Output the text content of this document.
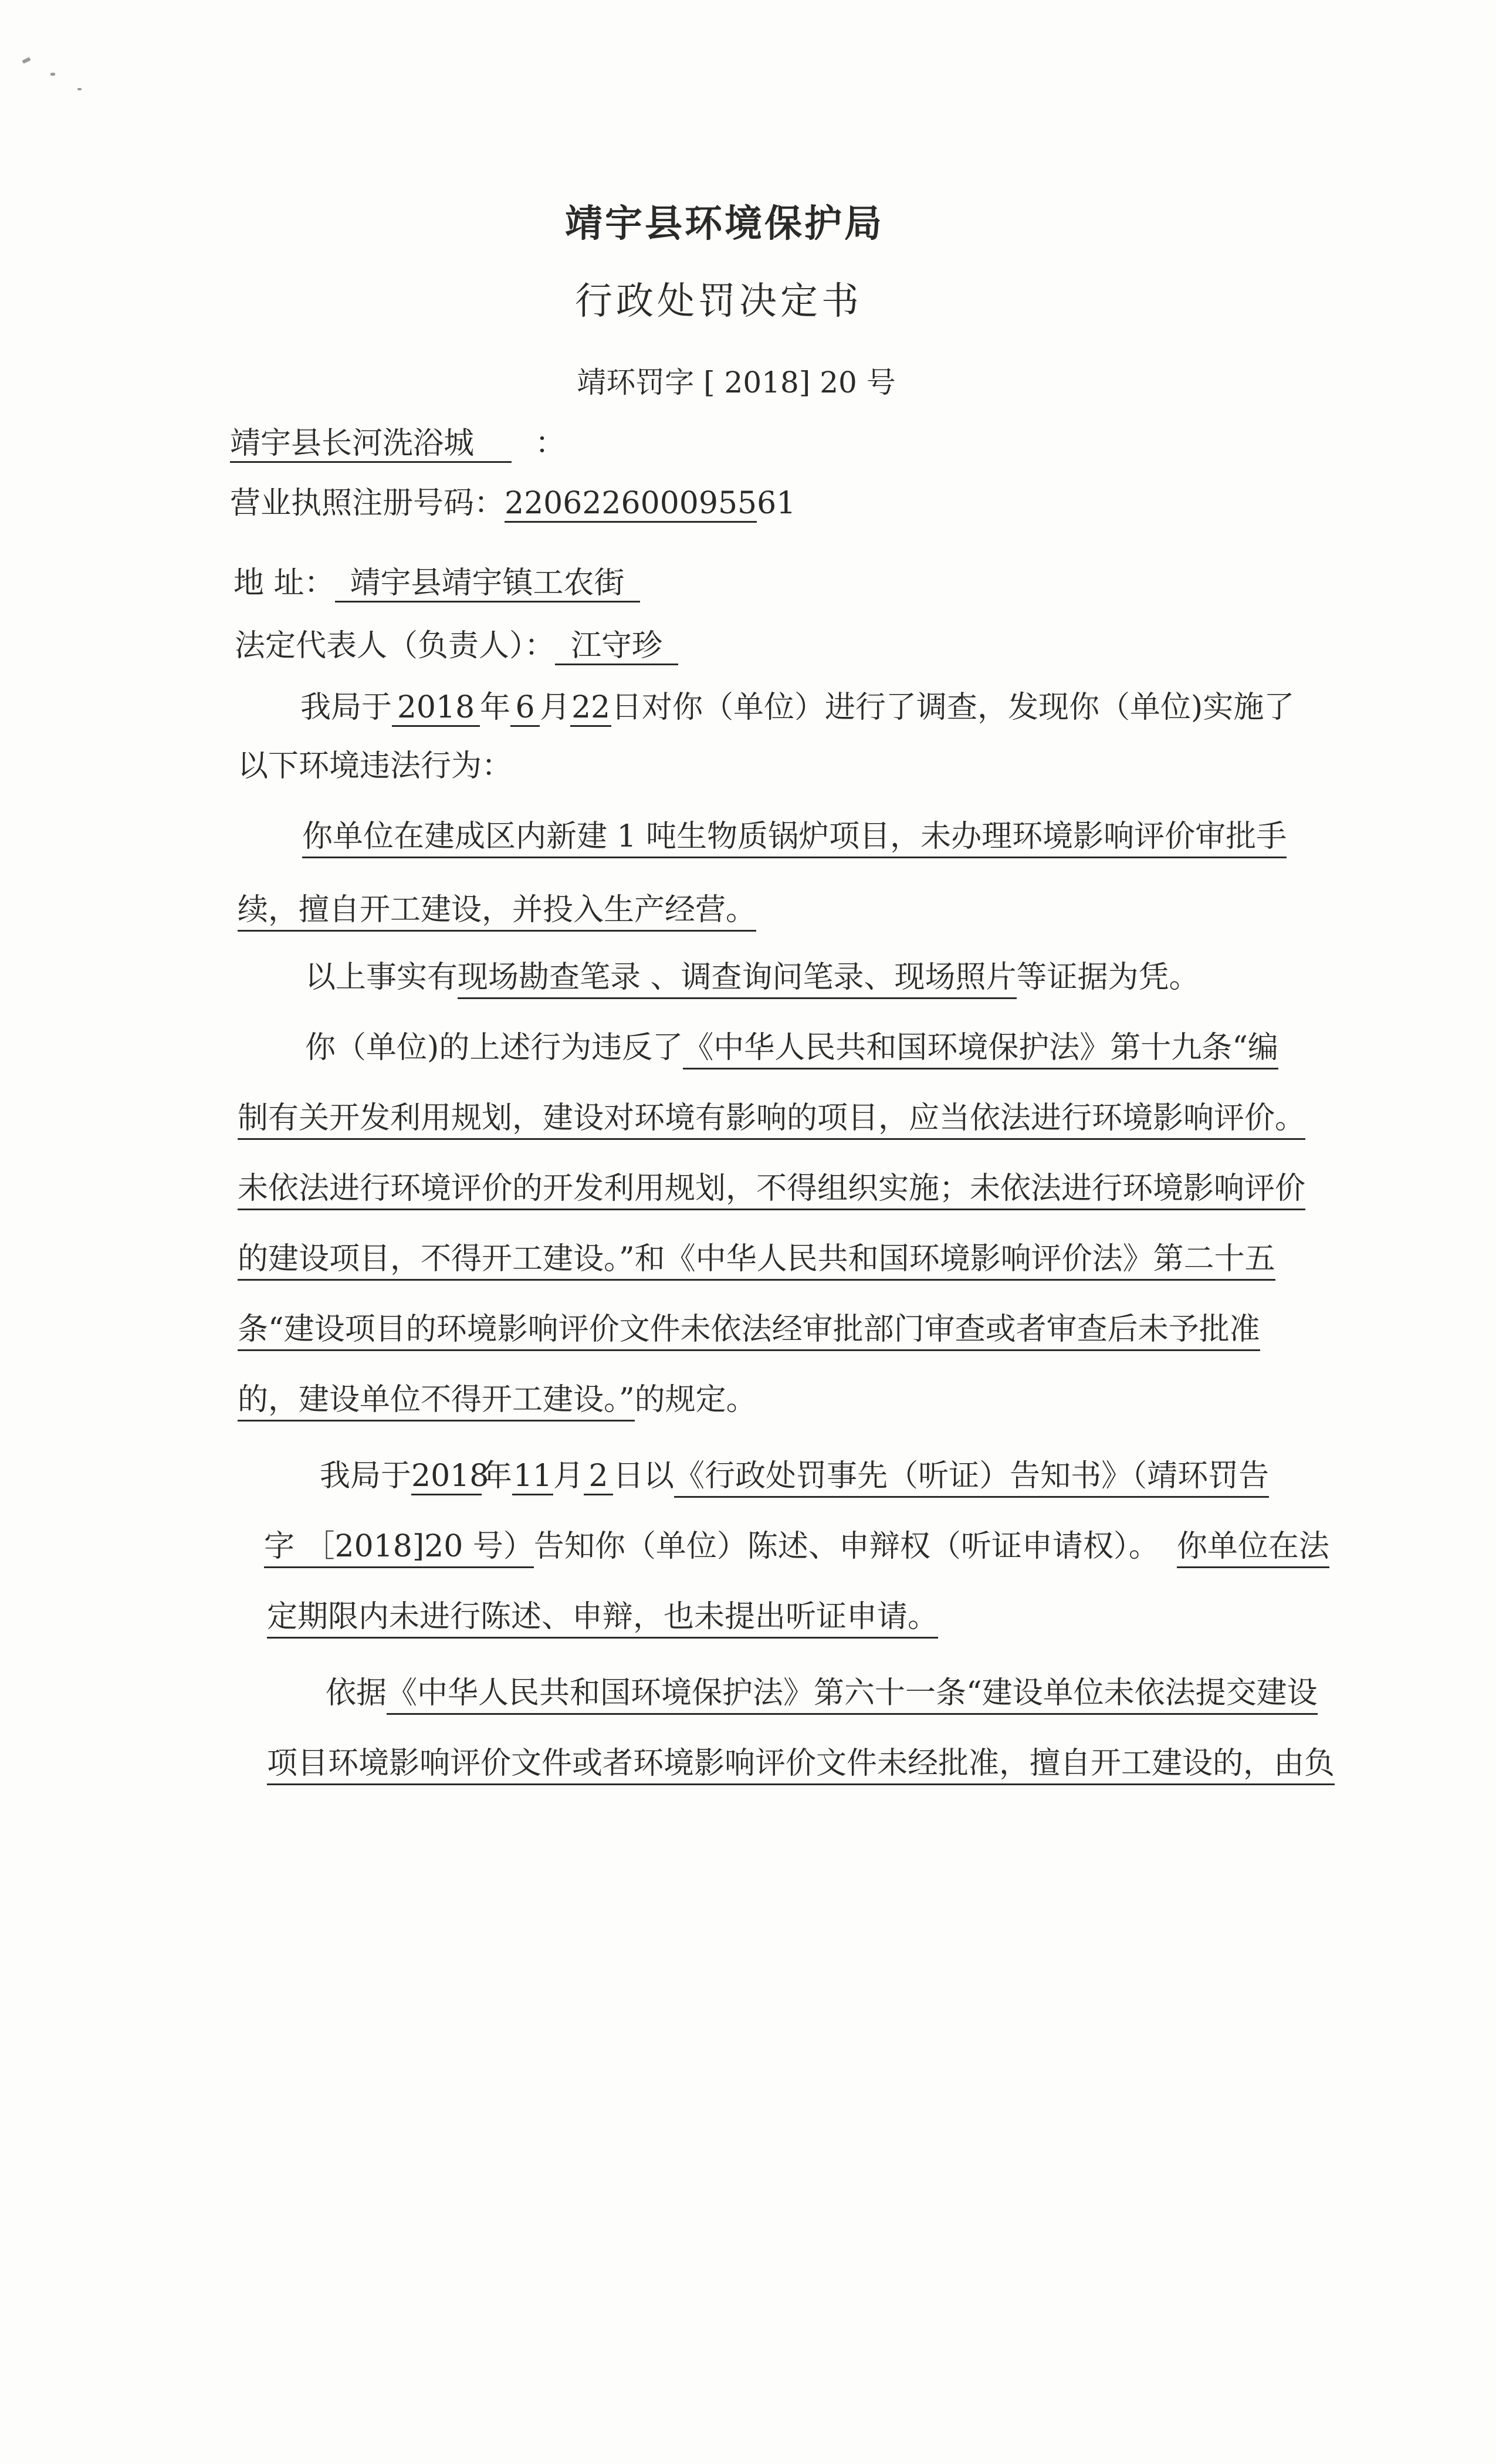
靖宇县环境保护局
行政处罚决定书
靖环罚字 [ 2018] 20 号
靖宇县长河洗浴城 ：
营业执照注册号码：220622600095561
地 址： 靖宇县靖宇镇工农街
法定代表人（负责人）： 江守珍
我局于 2018 年 6 月22日对你（单位）进行了调查，发现你（单位)实施了
以下环境违法行为：
你单位在建成区内新建 1 吨生物质锅炉项目，未办理环境影响评价审批手
续，擅自开工建设，并投入生产经营。
以上事实有现场勘查笔录 、调查询问笔录、现场照片等证据为凭。
你（单位)的上述行为违反了《中华人民共和国环境保护法》第十九条“编
制有关开发利用规划，建设对环境有影响的项目，应当依法进行环境影响评价。
未依法进行环境评价的开发利用规划，不得组织实施；未依法进行环境影响评价
的建设项目，不得开工建设。”和《中华人民共和国环境影响评价法》第二十五
条“建设项目的环境影响评价文件未依法经审批部门审查或者审查后未予批准
的，建设单位不得开工建设。”的规定。
我局于2018年11月 2 日以《行政处罚事先（听证）告知书》（靖环罚告
字 ［2018]20 号）告知你（单位）陈述、申辩权（听证申请权）。 你单位在法
定期限内未进行陈述、申辩，也未提出听证申请。
依据《中华人民共和国环境保护法》第六十一条“建设单位未依法提交建设
项目环境影响评价文件或者环境影响评价文件未经批准，擅自开工建设的，由负
